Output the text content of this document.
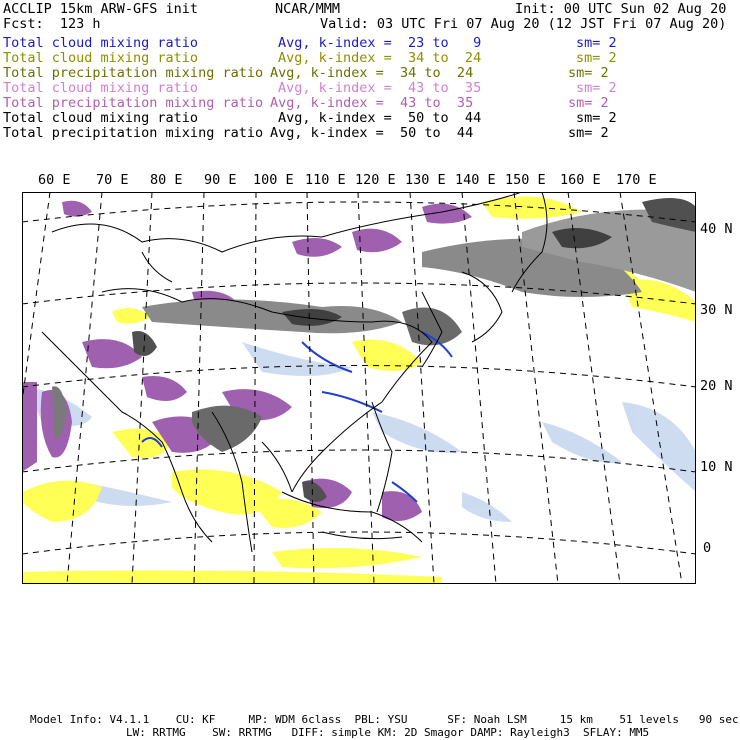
ACCLIP 15km ARW-GFS init	NCAR/MMM	Init: 00 UTC Sun 02 Aug 20
Fcst:  123 h	Valid: 03 UTC Fri 07 Aug 20 (12 JST Fri 07 Aug 20)
Total cloud mixing ratio	Avg, k-index =  23 to   9	sm= 2
Total cloud mixing ratio	Avg, k-index =  34 to  24	sm= 2
Total precipitation mixing ratio Avg, k-index =  34 to  24	sm= 2
Total cloud mixing ratio	Avg, k-index =  43 to  35	sm= 2
Total precipitation mixing ratio Avg, k-index =  43 to  35	sm= 2
Total cloud mixing ratio	Avg, k-index =  50 to  44	sm= 2
Total precipitation mixing ratio Avg, k-index =  50 to  44	sm= 2
60 E 70 E 80 E 90 E 100 E 110 E 120 E 130 E 140 E 150 E 160 E 170 E
40 N
30 N
20 N
10 N
0
Model Info: V4.1.1    CU: KF     MP: WDM 6class  PBL: YSU      SF: Noah LSM     15 km    51 levels   90 sec
LW: RRTMG    SW: RRTMG   DIFF: simple KM: 2D Smagor DAMP: Rayleigh3  SFLAY: MM5
